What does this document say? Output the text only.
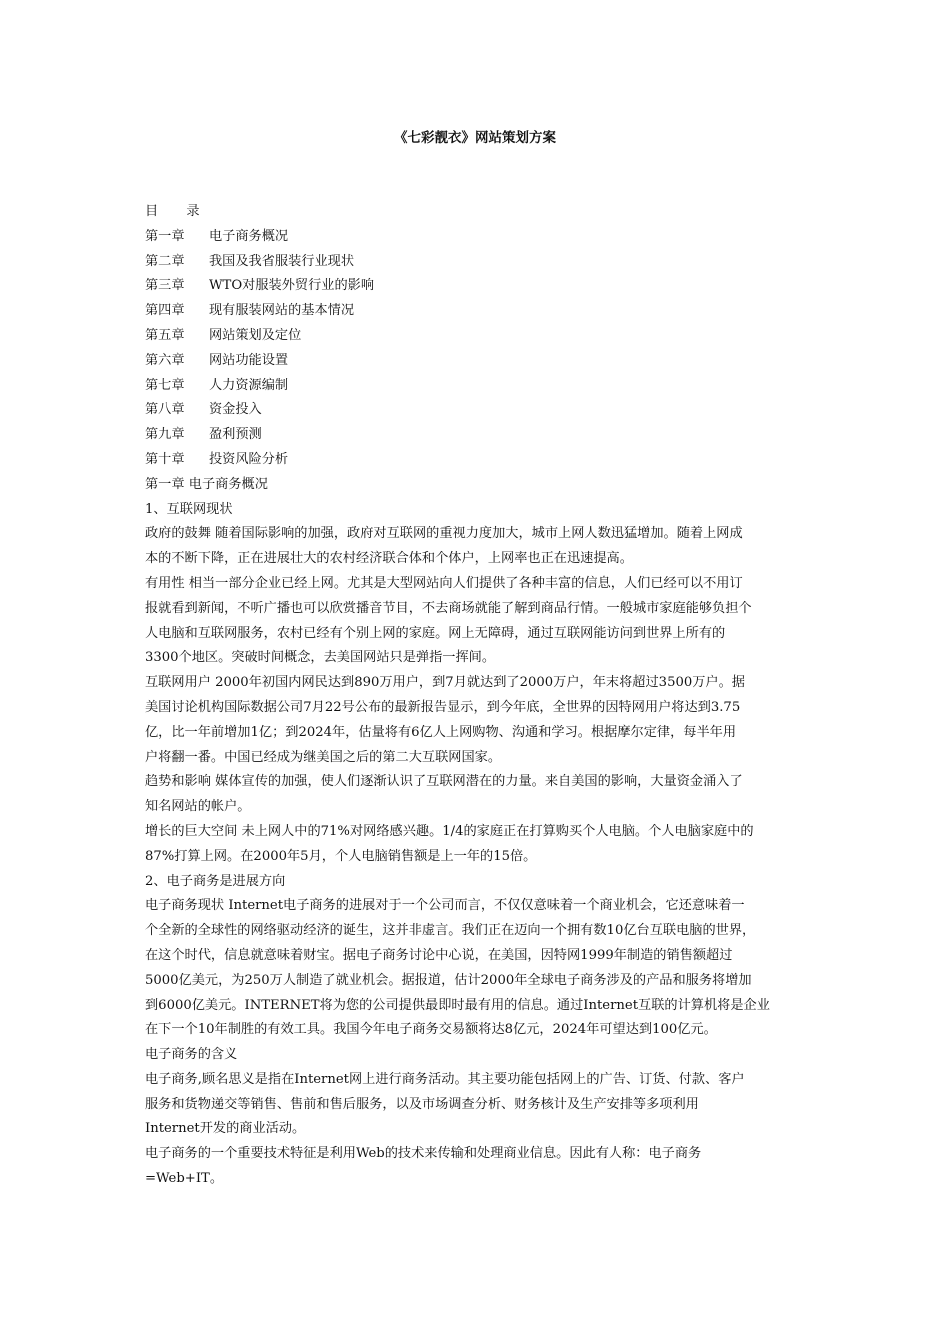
《七彩靓衣》网站策划方案
目 录
第一章	电子商务概况
第二章	我国及我省服装行业现状
第三章	WTO对服装外贸行业的影响
第四章	现有服装网站的基本情况
第五章	网站策划及定位
第六章	网站功能设置
第七章	人力资源编制
第八章	资金投入
第九章	盈利预测
第十章	投资风险分析
第一章 电子商务概况
1、互联网现状
政府的鼓舞 随着国际影响的加强，政府对互联网的重视力度加大，城市上网人数迅猛增加。随着上网成
本的不断下降，正在进展壮大的农村经济联合体和个体户，上网率也正在迅速提高。
有用性 相当一部分企业已经上网。尤其是大型网站向人们提供了各种丰富的信息，人们已经可以不用订
报就看到新闻，不听广播也可以欣赏播音节目，不去商场就能了解到商品行情。一般城市家庭能够负担个
人电脑和互联网服务，农村已经有个别上网的家庭。网上无障碍，通过互联网能访问到世界上所有的
3300个地区。突破时间概念，去美国网站只是弹指一挥间。
互联网用户 2000年初国内网民达到890万用户，到7月就达到了2000万户，年末将超过3500万户。据
美国讨论机构国际数据公司7月22号公布的最新报告显示，到今年底，全世界的因特网用户将达到3.75
亿，比一年前增加1亿；到2024年，估量将有6亿人上网购物、沟通和学习。根据摩尔定律，每半年用
户将翻一番。中国已经成为继美国之后的第二大互联网国家。
趋势和影响 媒体宣传的加强，使人们逐渐认识了互联网潜在的力量。来自美国的影响，大量资金涌入了
知名网站的帐户。
增长的巨大空间 未上网人中的71%对网络感兴趣。1/4的家庭正在打算购买个人电脑。个人电脑家庭中的
87%打算上网。在2000年5月，个人电脑销售额是上一年的15倍。
2、电子商务是进展方向
电子商务现状 Internet电子商务的进展对于一个公司而言，不仅仅意味着一个商业机会，它还意味着一
个全新的全球性的网络驱动经济的诞生，这并非虚言。我们正在迈向一个拥有数10亿台互联电脑的世界，
在这个时代，信息就意味着财宝。据电子商务讨论中心说，在美国，因特网1999年制造的销售额超过
5000亿美元，为250万人制造了就业机会。据报道，估计2000年全球电子商务涉及的产品和服务将增加
到6000亿美元。INTERNET将为您的公司提供最即时最有用的信息。通过Internet互联的计算机将是企业
在下一个10年制胜的有效工具。我国今年电子商务交易额将达8亿元，2024年可望达到100亿元。
电子商务的含义
电子商务,顾名思义是指在Internet网上进行商务活动。其主要功能包括网上的广告、订货、付款、客户
服务和货物递交等销售、售前和售后服务，以及市场调查分析、财务核计及生产安排等多项利用
Internet开发的商业活动。
电子商务的一个重要技术特征是利用Web的技术来传输和处理商业信息。因此有人称：电子商务
=Web+IT。
